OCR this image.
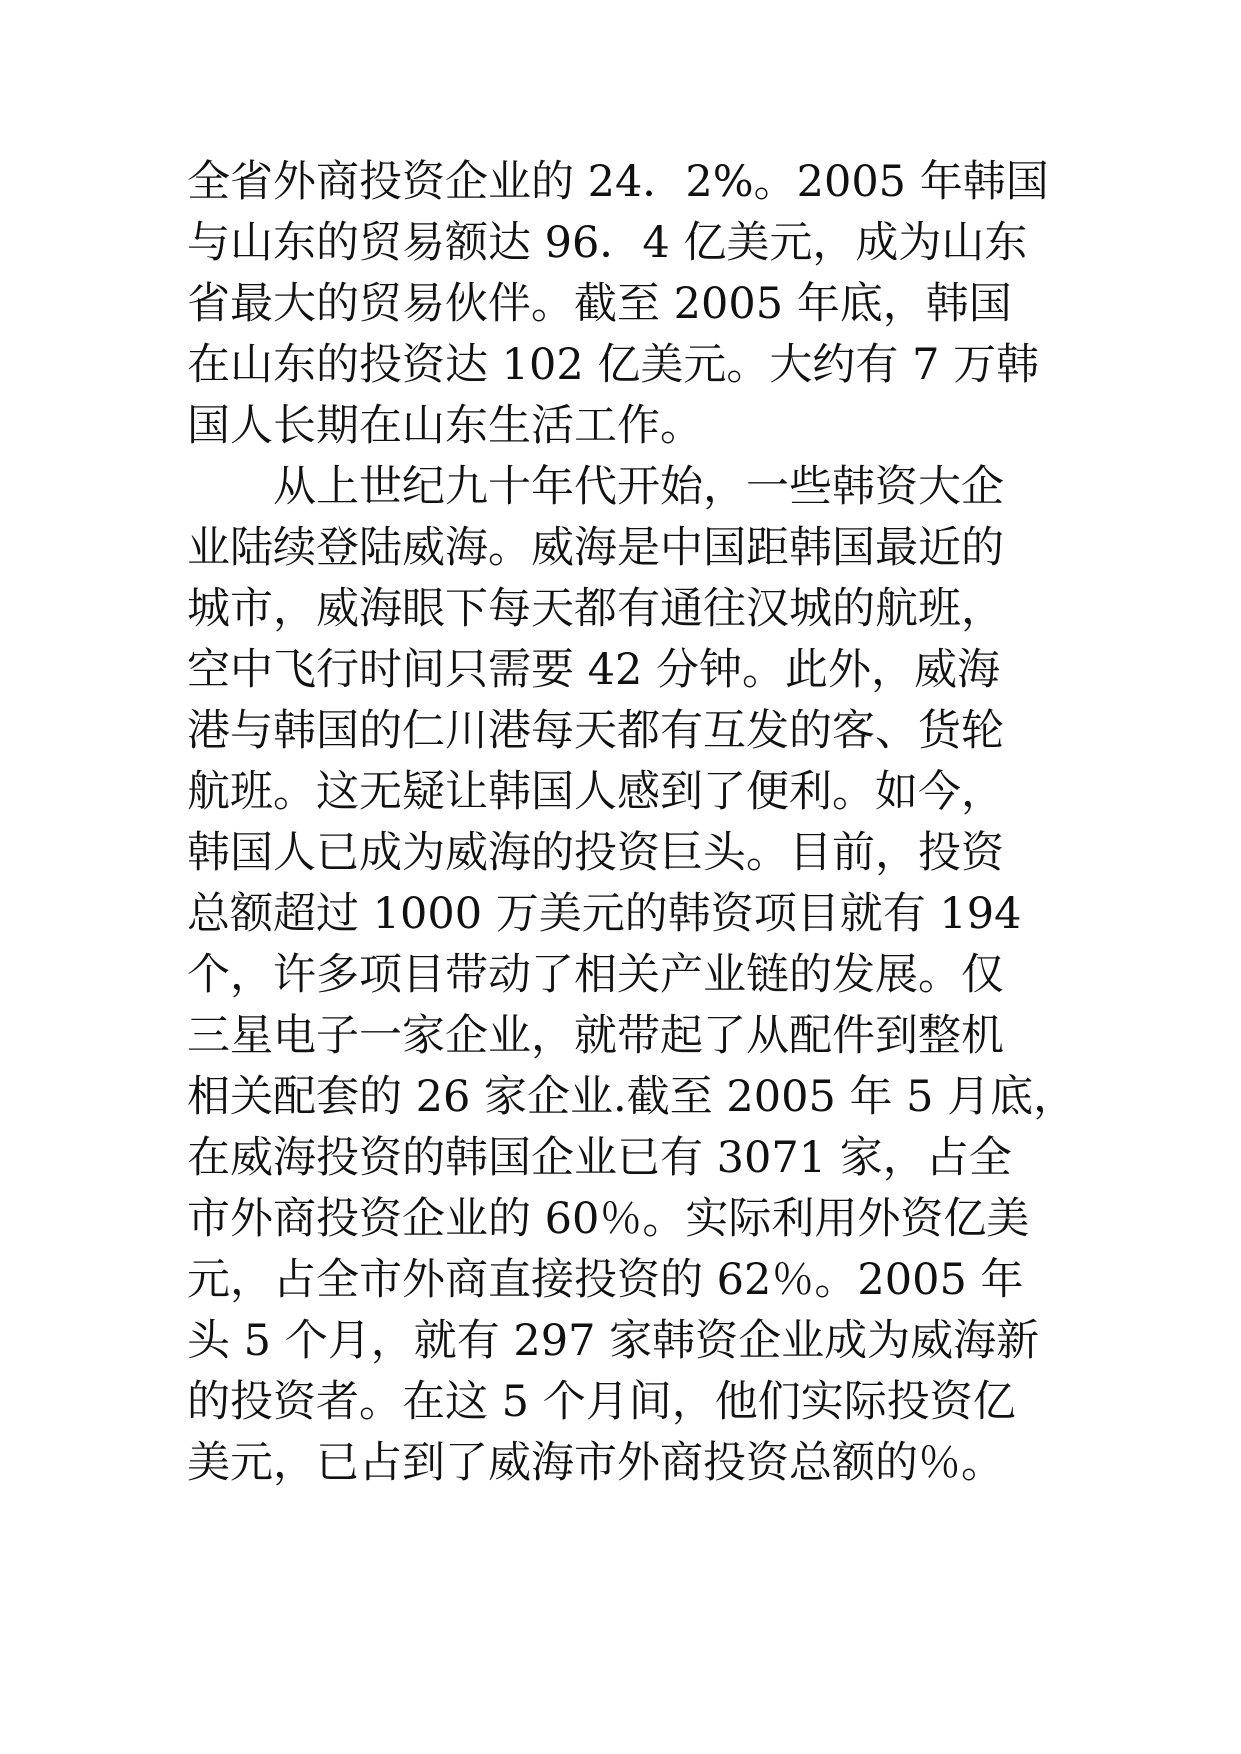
全省外商投资企业的 24．2%。2005 年韩国
与山东的贸易额达 96．4 亿美元，成为山东
省最大的贸易伙伴。截至 2005 年底，韩国
在山东的投资达 102 亿美元。大约有 7 万韩
国人长期在山东生活工作。
　　从上世纪九十年代开始，一些韩资大企
业陆续登陆威海。威海是中国距韩国最近的
城市，威海眼下每天都有通往汉城的航班，
空中飞行时间只需要 42 分钟。此外，威海
港与韩国的仁川港每天都有互发的客、货轮
航班。这无疑让韩国人感到了便利。如今，
韩国人已成为威海的投资巨头。目前，投资
总额超过 1000 万美元的韩资项目就有 194
个，许多项目带动了相关产业链的发展。仅
三星电子一家企业，就带起了从配件到整机
相关配套的 26 家企业.截至 2005 年 5 月底，
在威海投资的韩国企业已有 3071 家，占全
市外商投资企业的 60％。实际利用外资亿美
元，占全市外商直接投资的 62％。2005 年
头 5 个月，就有 297 家韩资企业成为威海新
的投资者。在这 5 个月间，他们实际投资亿
美元，已占到了威海市外商投资总额的％。
